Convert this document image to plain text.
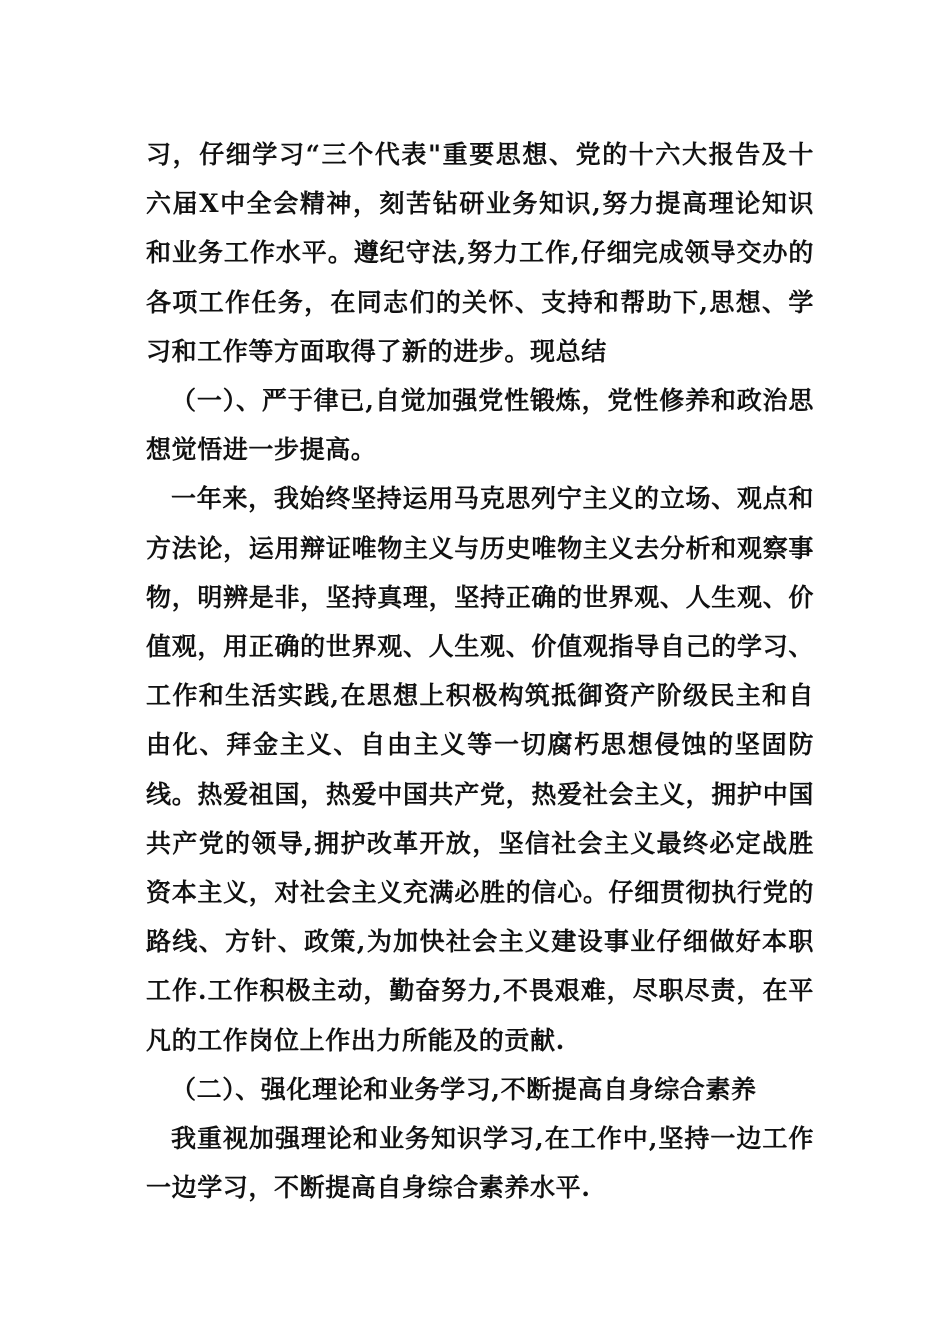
习，仔细学习“三个代表"重要思想、党的十六大报告及十六届X中全会精神，刻苦钻研业务知识,努力提高理论知识和业务工作水平。遵纪守法,努力工作,仔细完成领导交办的各项工作任务，在同志们的关怀、支持和帮助下,思想、学习和工作等方面取得了新的进步。现总结

（一）、严于律已,自觉加强党性锻炼，党性修养和政治思想觉悟进一步提高。

一年来，我始终坚持运用马克思列宁主义的立场、观点和方法论，运用辩证唯物主义与历史唯物主义去分析和观察事物，明辨是非，坚持真理，坚持正确的世界观、人生观、价值观，用正确的世界观、人生观、价值观指导自己的学习、工作和生活实践,在思想上积极构筑抵御资产阶级民主和自由化、拜金主义、自由主义等一切腐朽思想侵蚀的坚固防线。热爱祖国，热爱中国共产党，热爱社会主义，拥护中国共产党的领导,拥护改革开放，坚信社会主义最终必定战胜资本主义，对社会主义充满必胜的信心。仔细贯彻执行党的路线、方针、政策,为加快社会主义建设事业仔细做好本职工作.工作积极主动，勤奋努力,不畏艰难，尽职尽责，在平凡的工作岗位上作出力所能及的贡献.

（二）、强化理论和业务学习,不断提高自身综合素养

我重视加强理论和业务知识学习,在工作中,坚持一边工作一边学习，不断提高自身综合素养水平.
